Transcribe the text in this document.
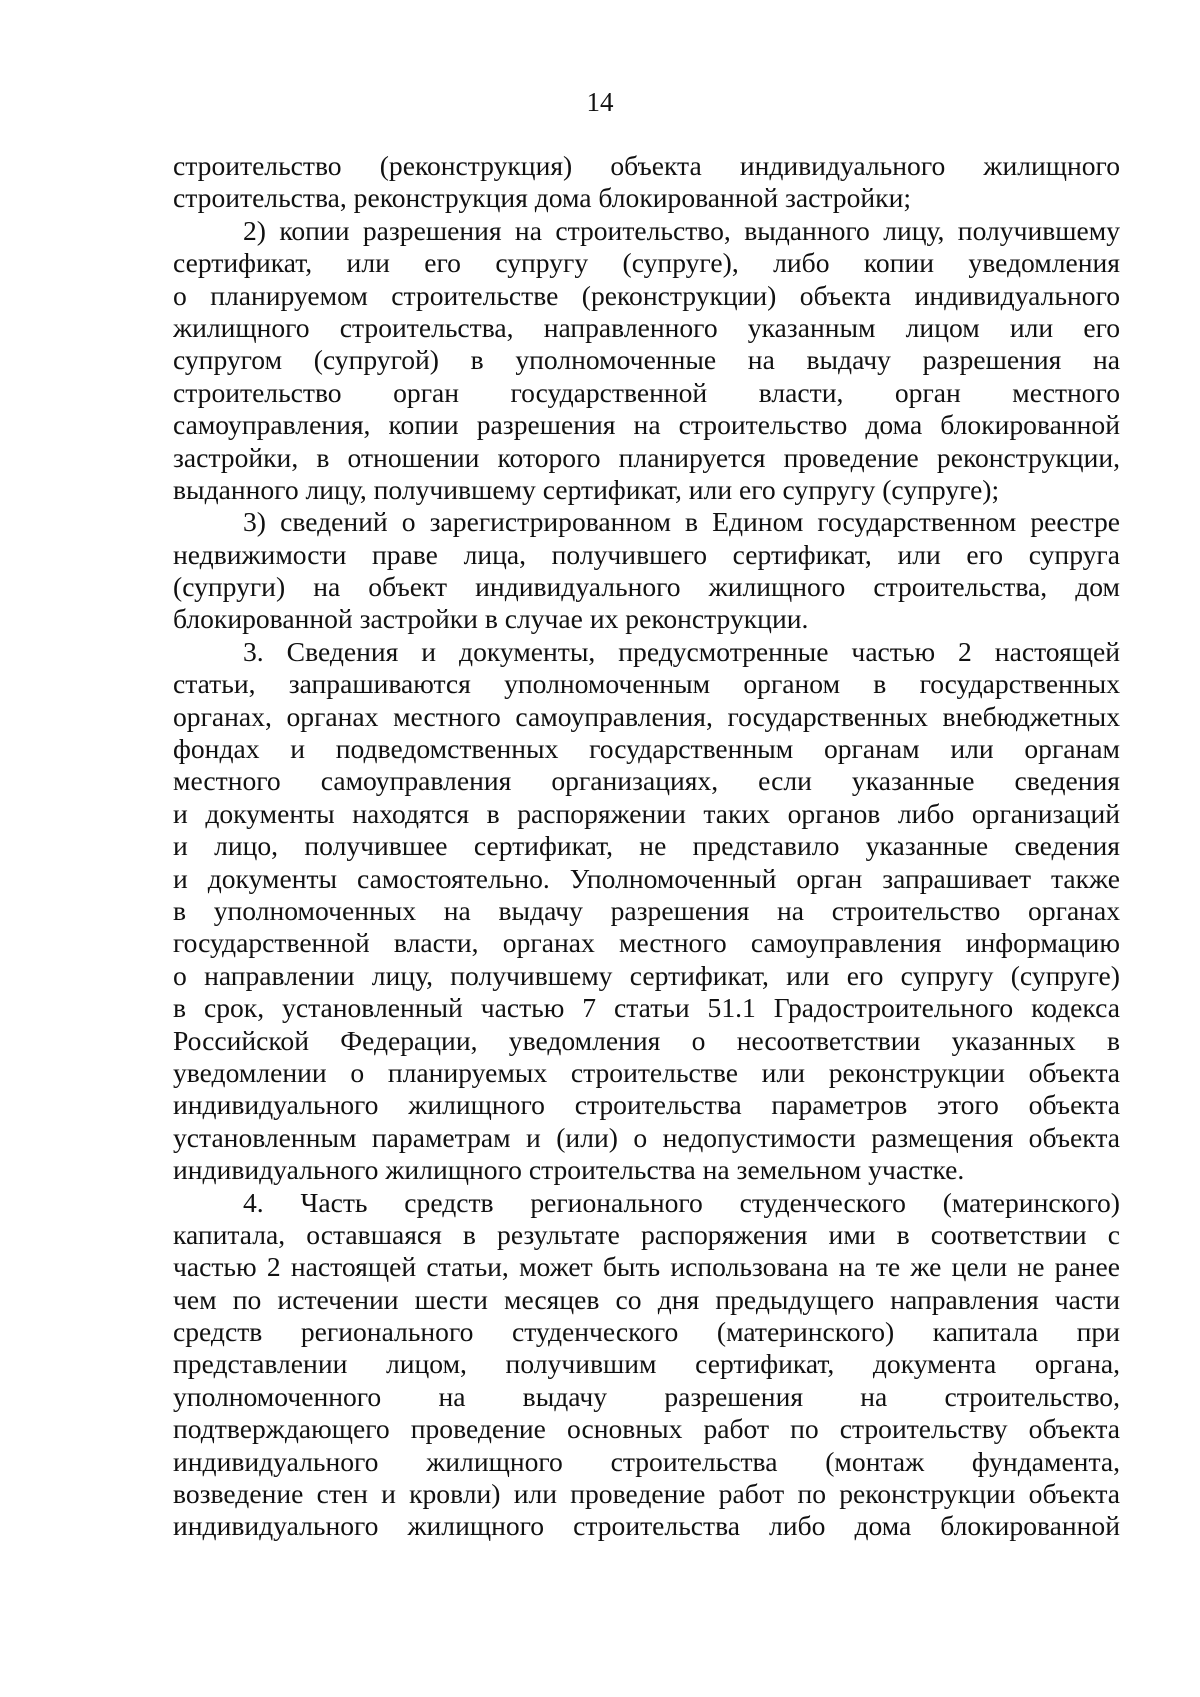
14
строительство (реконструкция) объекта индивидуального жилищного
строительства, реконструкция дома блокированной застройки;
2) копии разрешения на строительство, выданного лицу, получившему
сертификат, или его супругу (супруге), либо копии уведомления
о планируемом строительстве (реконструкции) объекта индивидуального
жилищного строительства, направленного указанным лицом или его
супругом (супругой) в уполномоченные на выдачу разрешения на
строительство орган государственной власти, орган местного
самоуправления, копии разрешения на строительство дома блокированной
застройки, в отношении которого планируется проведение реконструкции,
выданного лицу, получившему сертификат, или его супругу (супруге);
3) сведений о зарегистрированном в Едином государственном реестре
недвижимости праве лица, получившего сертификат, или его супруга
(супруги) на объект индивидуального жилищного строительства, дом
блокированной застройки в случае их реконструкции.
3. Сведения и документы, предусмотренные частью 2 настоящей
статьи, запрашиваются уполномоченным органом в государственных
органах, органах местного самоуправления, государственных внебюджетных
фондах и подведомственных государственным органам или органам
местного самоуправления организациях, если указанные сведения
и документы находятся в распоряжении таких органов либо организаций
и лицо, получившее сертификат, не представило указанные сведения
и документы самостоятельно. Уполномоченный орган запрашивает также
в уполномоченных на выдачу разрешения на строительство органах
государственной власти, органах местного самоуправления информацию
о направлении лицу, получившему сертификат, или его супругу (супруге)
в срок, установленный частью 7 статьи 51.1 Градостроительного кодекса
Российской Федерации, уведомления о несоответствии указанных в
уведомлении о планируемых строительстве или реконструкции объекта
индивидуального жилищного строительства параметров этого объекта
установленным параметрам и (или) о недопустимости размещения объекта
индивидуального жилищного строительства на земельном участке.
4. Часть средств регионального студенческого (материнского)
капитала, оставшаяся в результате распоряжения ими в соответствии с
частью 2 настоящей статьи, может быть использована на те же цели не ранее
чем по истечении шести месяцев со дня предыдущего направления части
средств регионального студенческого (материнского) капитала при
представлении лицом, получившим сертификат, документа органа,
уполномоченного на выдачу разрешения на строительство,
подтверждающего проведение основных работ по строительству объекта
индивидуального жилищного строительства (монтаж фундамента,
возведение стен и кровли) или проведение работ по реконструкции объекта
индивидуального жилищного строительства либо дома блокированной
